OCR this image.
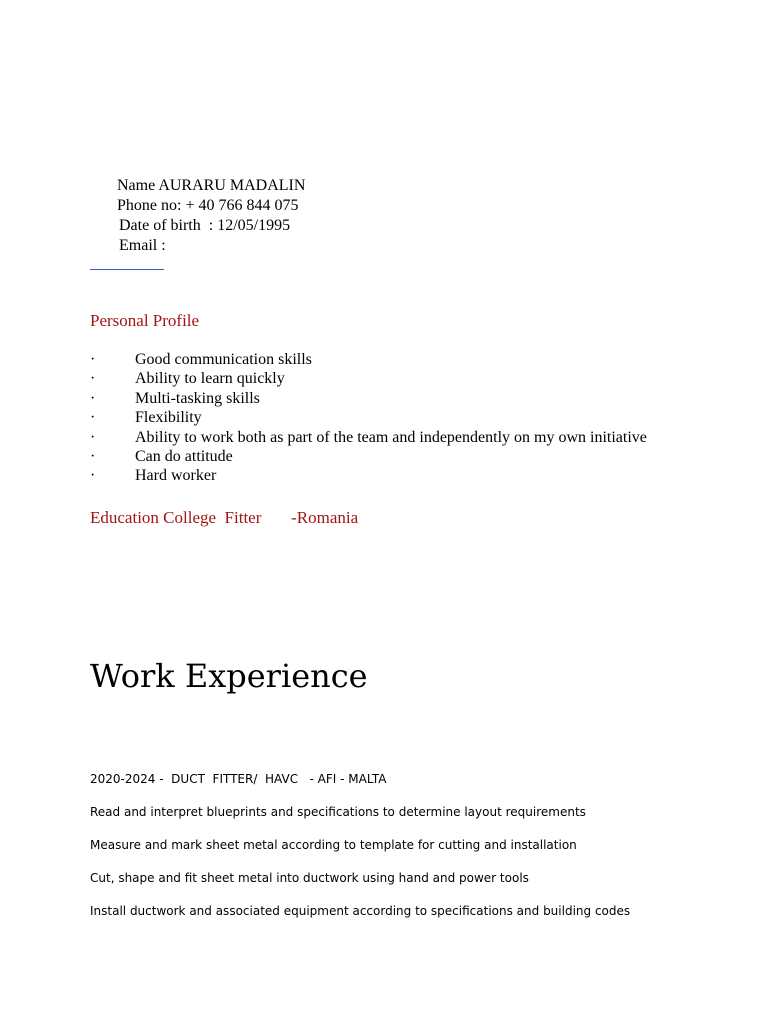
Name AURARU MADALIN
Phone no: + 40 766 844 075
Date of birth  : 12/05/1995
Email :
Personal Profile
· Good communication skills
· Ability to learn quickly
· Multi-tasking skills
· Flexibility
· Ability to work both as part of the team and independently on my own initiative
· Can do attitude
· Hard worker
Education College  Fitter       -Romania
Work Experience
2020-2024 -  DUCT  FITTER/  HAVC   - AFI - MALTA
Read and interpret blueprints and specifications to determine layout requirements
Measure and mark sheet metal according to template for cutting and installation
Cut, shape and fit sheet metal into ductwork using hand and power tools
Install ductwork and associated equipment according to specifications and building codes
